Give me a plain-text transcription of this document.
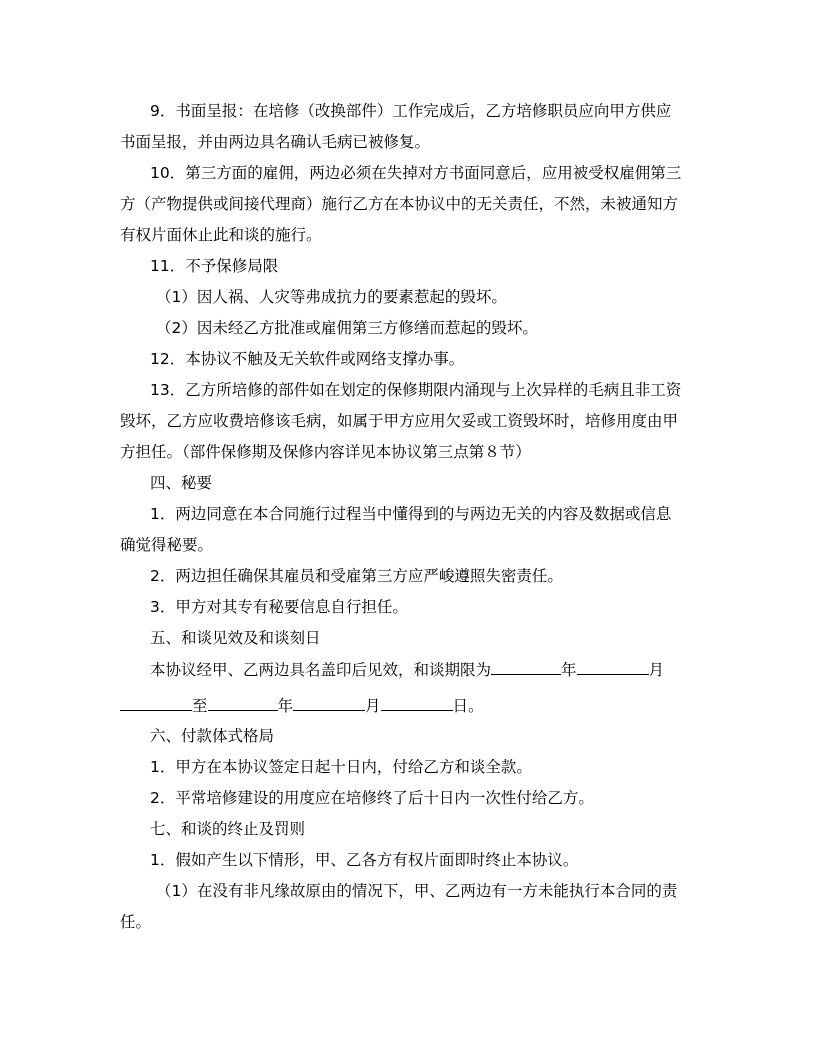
9．书面呈报：在培修（改换部件）工作完成后，乙方培修职员应向甲方供应
书面呈报，并由两边具名确认毛病已被修复。
10．第三方面的雇佣，两边必须在失掉对方书面同意后，应用被受权雇佣第三
方（产物提供或间接代理商）施行乙方在本协议中的无关责任，不然，未被通知方
有权片面休止此和谈的施行。
11．不予保修局限
（1）因人祸、人灾等弗成抗力的要素惹起的毁坏。
（2）因未经乙方批准或雇佣第三方修缮而惹起的毁坏。
12．本协议不触及无关软件或网络支撑办事。
13．乙方所培修的部件如在划定的保修期限内涌现与上次异样的毛病且非工资
毁坏，乙方应收费培修该毛病，如属于甲方应用欠妥或工资毁坏时，培修用度由甲
方担任。（部件保修期及保修内容详见本协议第三点第８节）
四、秘要
1．两边同意在本合同施行过程当中懂得到的与两边无关的内容及数据或信息
确觉得秘要。
2．两边担任确保其雇员和受雇第三方应严峻遵照失密责任。
3．甲方对其专有秘要信息自行担任。
五、和谈见效及和谈刻日
本协议经甲、乙两边具名盖印后见效，和谈期限为	年	月
至	年	月	日。
六、付款体式格局
1．甲方在本协议签定日起十日内，付给乙方和谈全款。
2．平常培修建设的用度应在培修终了后十日内一次性付给乙方。
七、和谈的终止及罚则
1．假如产生以下情形，甲、乙各方有权片面即时终止本协议。
（1）在没有非凡缘故原由的情况下，甲、乙两边有一方未能执行本合同的责
任。
